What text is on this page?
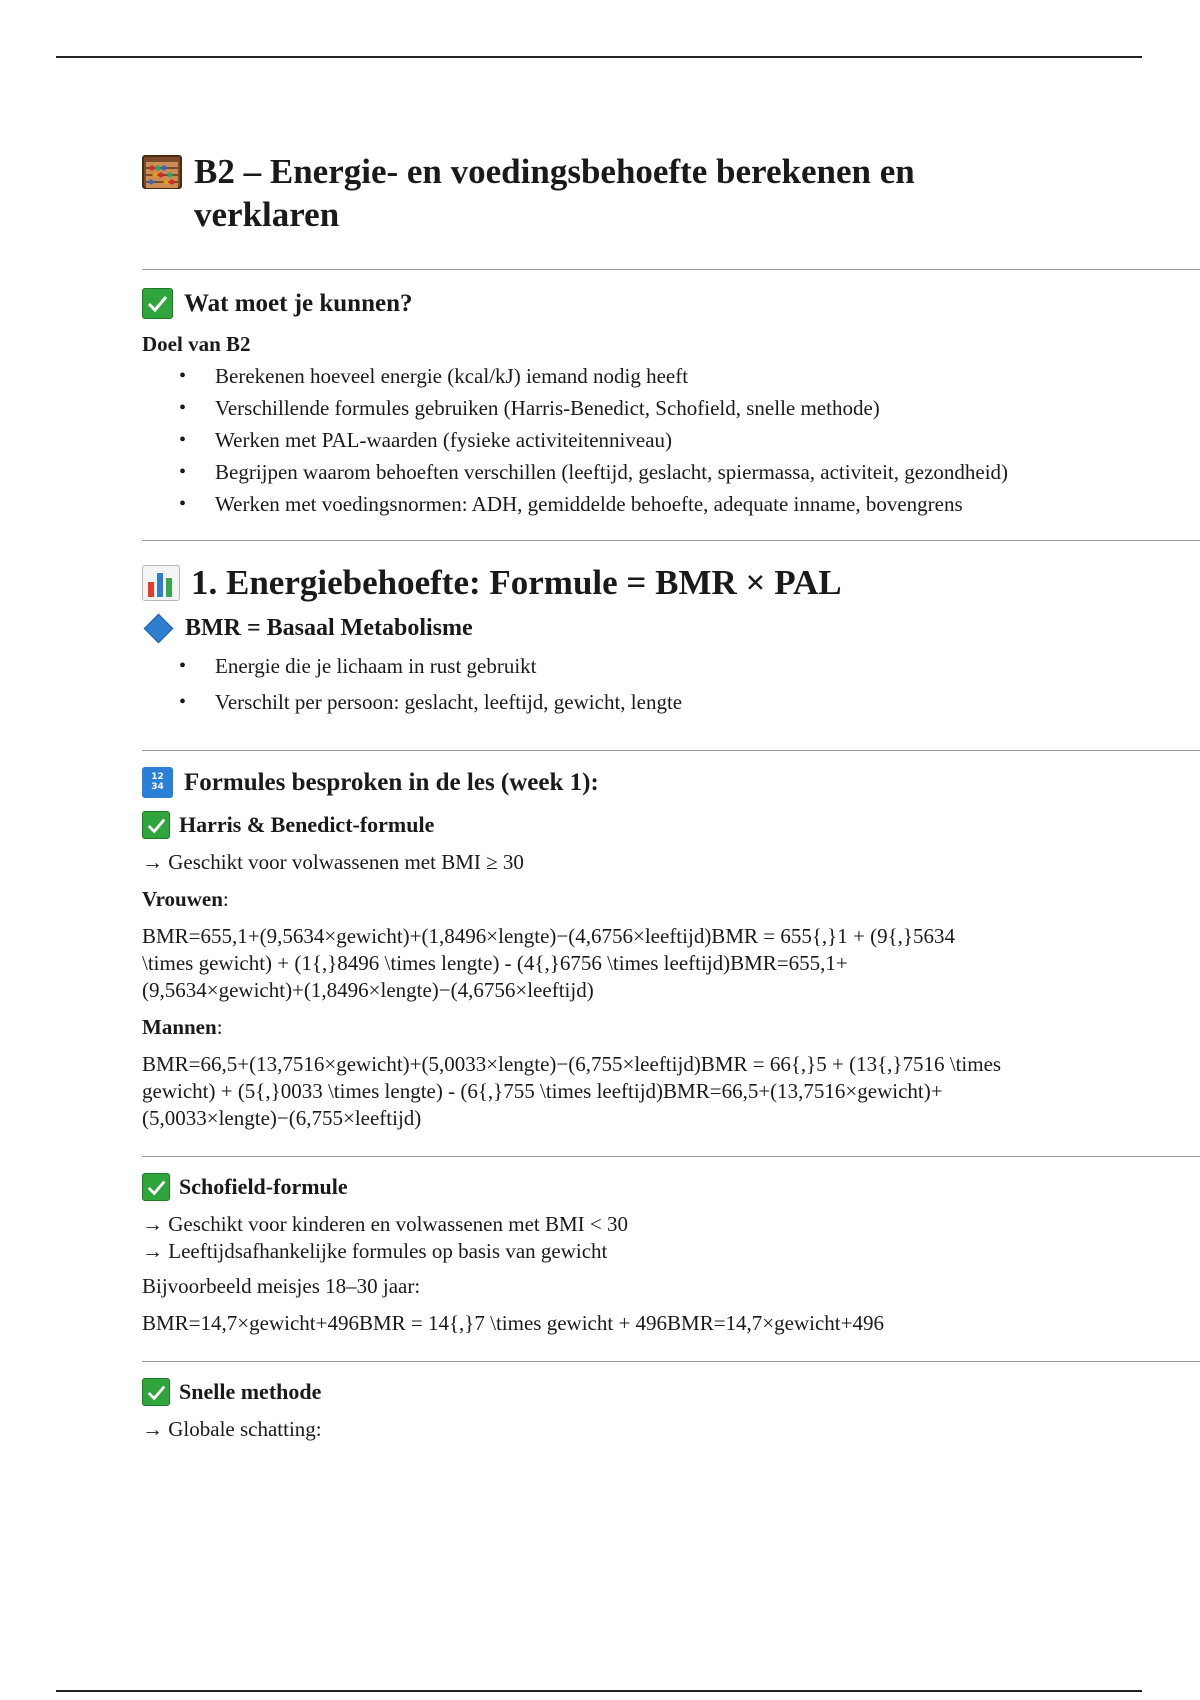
B2 – Energie- en voedingsbehoefte berekenen en verklaren
Wat moet je kunnen?
Doel van B2
• Berekenen hoeveel energie (kcal/kJ) iemand nodig heeft
• Verschillende formules gebruiken (Harris-Benedict, Schofield, snelle methode)
• Werken met PAL-waarden (fysieke activiteitenniveau)
• Begrijpen waarom behoeften verschillen (leeftijd, geslacht, spiermassa, activiteit, gezondheid)
• Werken met voedingsnormen: ADH, gemiddelde behoefte, adequate inname, bovengrens
1. Energiebehoefte: Formule = BMR × PAL
BMR = Basaal Metabolisme
• Energie die je lichaam in rust gebruikt
• Verschilt per persoon: geslacht, leeftijd, gewicht, lengte
12
34 Formules besproken in de les (week 1):
Harris & Benedict-formule
→ Geschikt voor volwassenen met BMI ≥ 30
Vrouwen:
BMR=655,1+(9,5634×gewicht)+(1,8496×lengte)−(4,6756×leeftijd)BMR = 655{,}1 + (9{,}5634 \times gewicht) + (1{,}8496 \times lengte) - (4{,}6756 \times leeftijd)BMR=655,1+(9,5634×gewicht)+(1,8496×lengte)−(4,6756×leeftijd)
Mannen:
BMR=66,5+(13,7516×gewicht)+(5,0033×lengte)−(6,755×leeftijd)BMR = 66{,}5 + (13{,}7516 \times gewicht) + (5{,}0033 \times lengte) - (6{,}755 \times leeftijd)BMR=66,5+(13,7516×gewicht)+(5,0033×lengte)−(6,755×leeftijd)
Schofield-formule
→ Geschikt voor kinderen en volwassenen met BMI < 30
→ Leeftijdsafhankelijke formules op basis van gewicht
Bijvoorbeeld meisjes 18–30 jaar:
BMR=14,7×gewicht+496BMR = 14{,}7 \times gewicht + 496BMR=14,7×gewicht+496
Snelle methode
→ Globale schatting:
